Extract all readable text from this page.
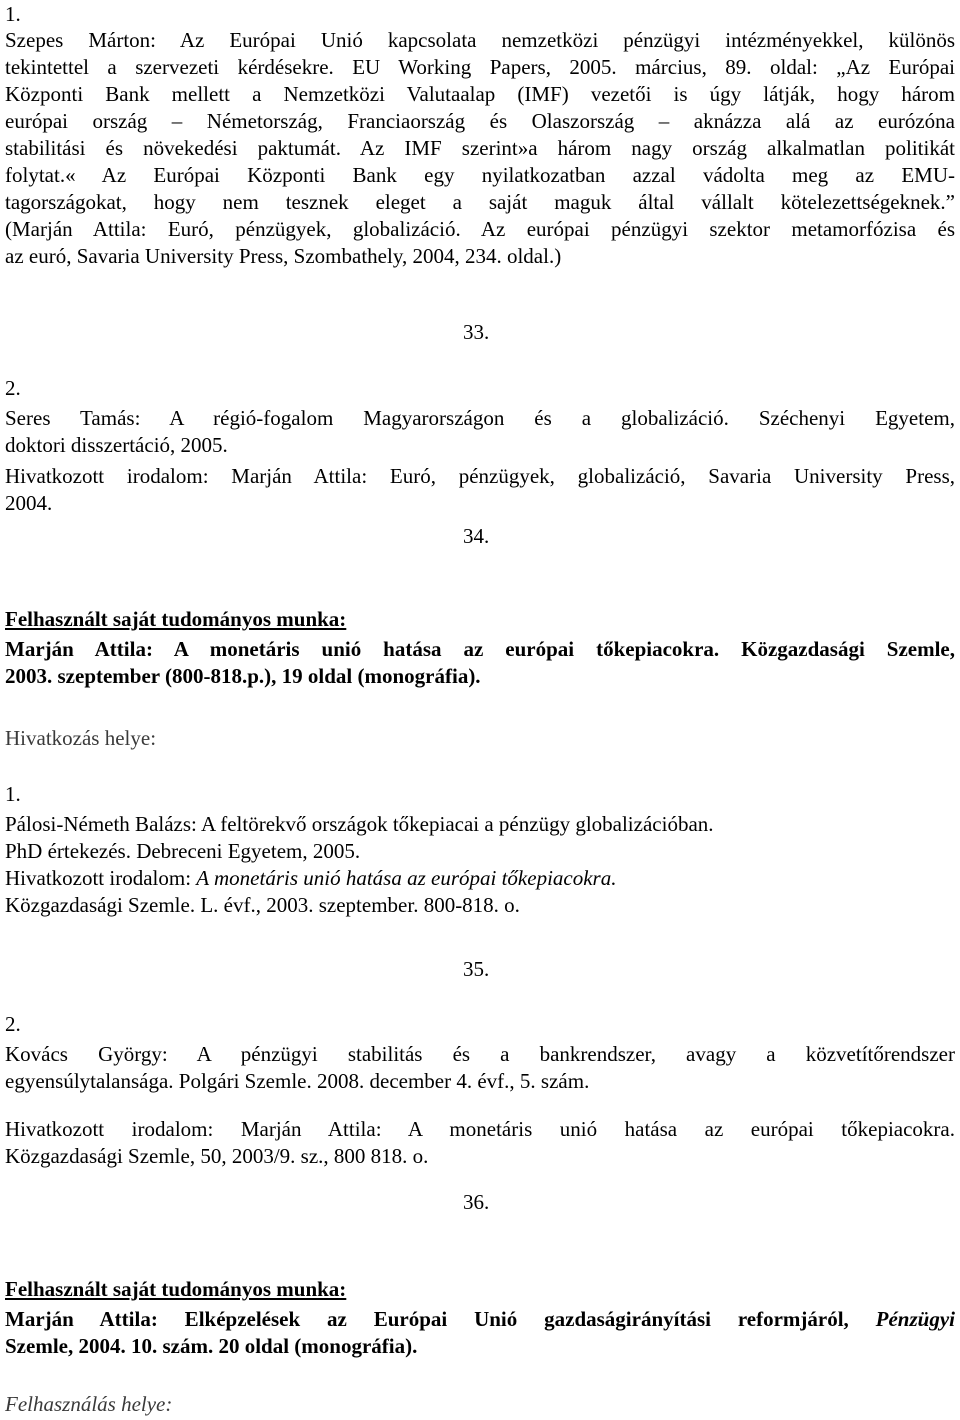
1.
Szepes Márton: Az Európai Unió kapcsolata nemzetközi pénzügyi intézményekkel, különös
tekintettel a szervezeti kérdésekre. EU Working Papers, 2005. március, 89. oldal: „Az Európai
Központi Bank mellett a Nemzetközi Valutaalap (IMF) vezetői is úgy látják, hogy három
európai ország – Németország, Franciaország és Olaszország – aknázza alá az eurózóna
stabilitási és növekedési paktumát. Az IMF szerint»a három nagy ország alkalmatlan politikát
folytat.« Az Európai Központi Bank egy nyilatkozatban azzal vádolta meg az EMU-
tagországokat, hogy nem tesznek eleget a saját maguk által vállalt kötelezettségeknek.”
(Marján Attila: Euró, pénzügyek, globalizáció. Az európai pénzügyi szektor metamorfózisa és
az euró, Savaria University Press, Szombathely, 2004, 234. oldal.)
33.
2.
Seres Tamás: A régió-fogalom Magyarországon és a globalizáció. Széchenyi Egyetem,
doktori disszertáció, 2005.
Hivatkozott irodalom: Marján Attila: Euró, pénzügyek, globalizáció, Savaria University Press,
2004.
34.
Felhasznált saját tudományos munka:
Marján Attila: A monetáris unió hatása az európai tőkepiacokra. Közgazdasági Szemle,
2003. szeptember (800-818.p.), 19 oldal (monográfia).
Hivatkozás helye:
1.
Pálosi-Németh Balázs: A feltörekvő országok tőkepiacai a pénzügy globalizációban.
PhD értekezés. Debreceni Egyetem, 2005.
Hivatkozott irodalom: A monetáris unió hatása az európai tőkepiacokra.
Közgazdasági Szemle. L. évf., 2003. szeptember. 800-818. o.
35.
2.
Kovács György: A pénzügyi stabilitás és a bankrendszer, avagy a közvetítőrendszer
egyensúlytalansága. Polgári Szemle. 2008. december 4. évf., 5. szám.
Hivatkozott irodalom: Marján Attila: A monetáris unió hatása az európai tőkepiacokra.
Közgazdasági Szemle, 50, 2003/9. sz., 800 818. o.
36.
Felhasznált saját tudományos munka:
Marján Attila: Elképzelések az Európai Unió gazdaságirányítási reformjáról, Pénzügyi
Szemle, 2004. 10. szám. 20 oldal (monográfia).
Felhasználás helye:
